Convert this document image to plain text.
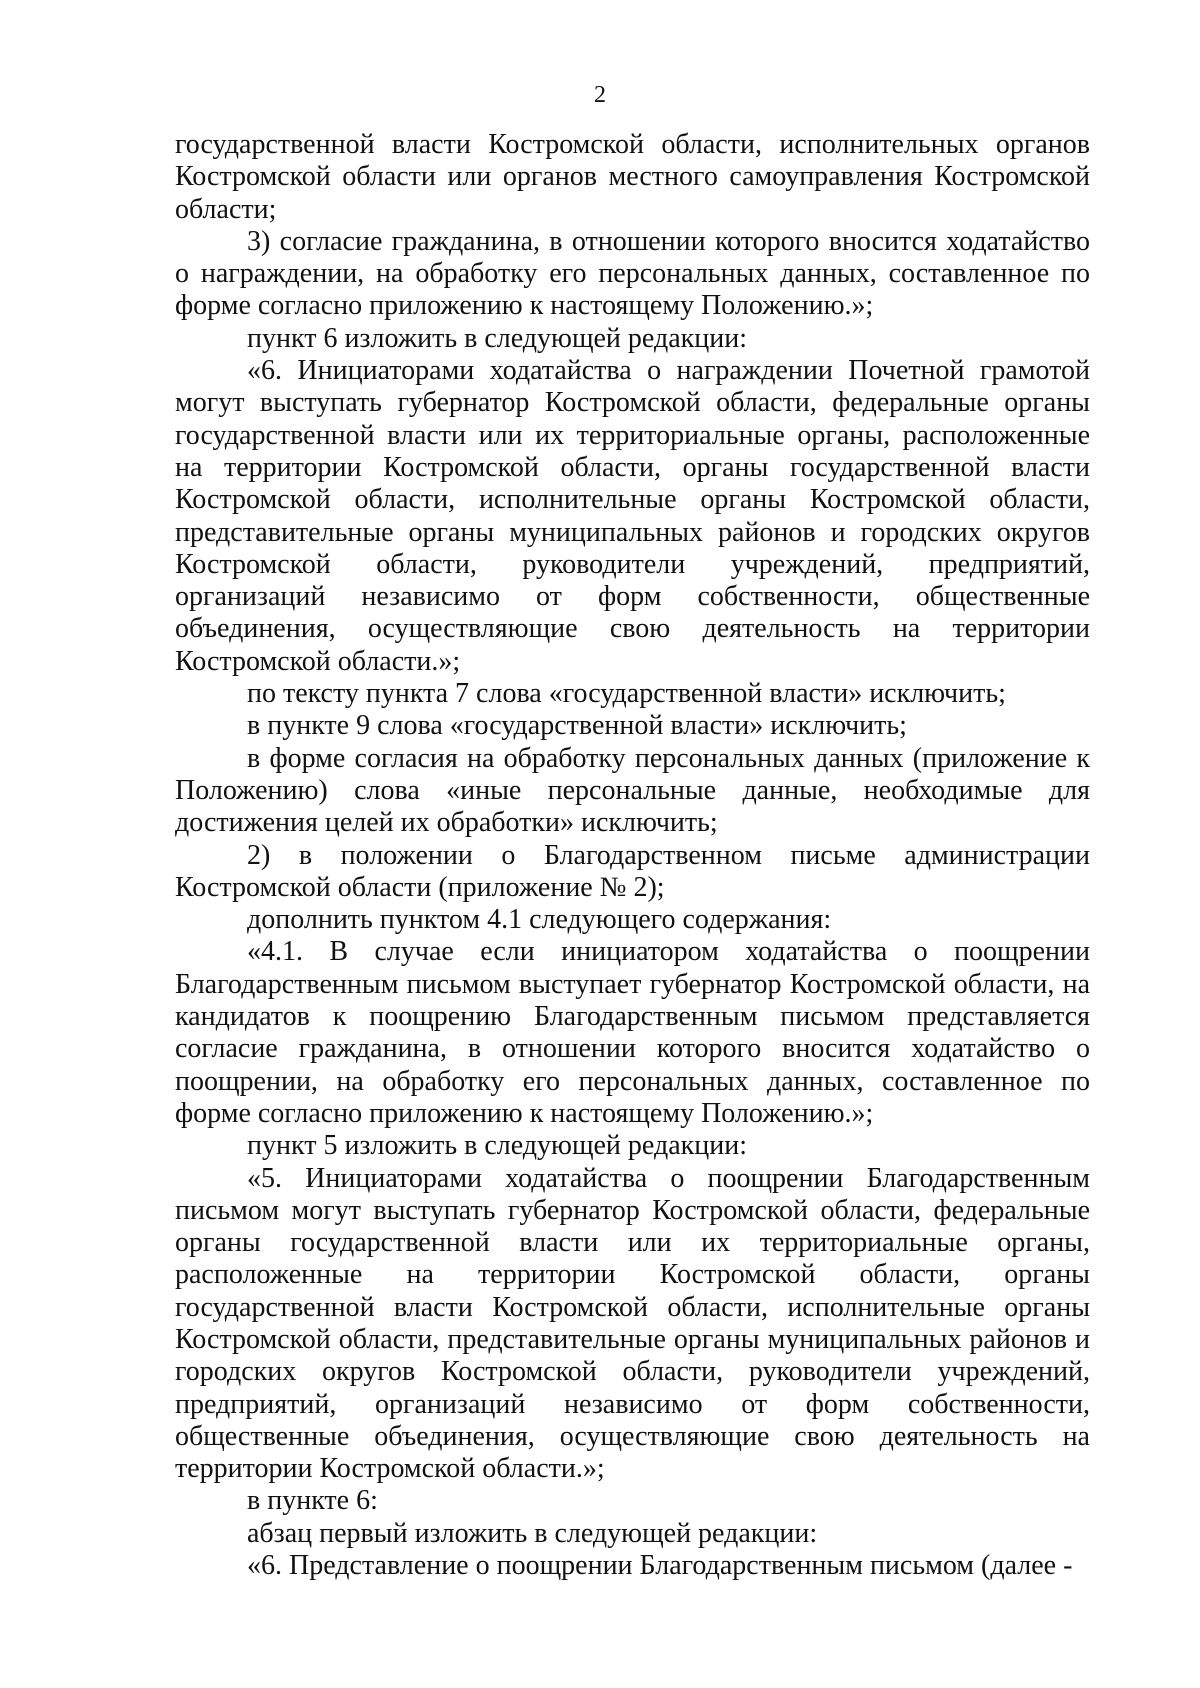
2

государственной власти Костромской области, исполнительных органов Костромской области или органов местного самоуправления Костромской области;

3) согласие гражданина, в отношении которого вносится ходатайство о награждении, на обработку его персональных данных, составленное по форме согласно приложению к настоящему Положению.»;

пункт 6 изложить в следующей редакции:

«6. Инициаторами ходатайства о награждении Почетной грамотой могут выступать губернатор Костромской области, федеральные органы государственной власти или их территориальные органы, расположенные на территории Костромской области, органы государственной власти Костромской области, исполнительные органы Костромской области, представительные органы муниципальных районов и городских округов Костромской области, руководители учреждений, предприятий, организаций независимо от форм собственности, общественные объединения, осуществляющие свою деятельность на территории Костромской области.»;

по тексту пункта 7 слова «государственной власти» исключить;

в пункте 9 слова «государственной власти» исключить;

в форме согласия на обработку персональных данных (приложение к Положению) слова «иные персональные данные, необходимые для достижения целей их обработки» исключить;

2) в положении о Благодарственном письме администрации Костромской области (приложение № 2);

дополнить пунктом 4.1 следующего содержания:

«4.1. В случае если инициатором ходатайства о поощрении Благодарственным письмом выступает губернатор Костромской области, на кандидатов к поощрению Благодарственным письмом представляется согласие гражданина, в отношении которого вносится ходатайство о поощрении, на обработку его персональных данных, составленное по форме согласно приложению к настоящему Положению.»;

пункт 5 изложить в следующей редакции:

«5. Инициаторами ходатайства о поощрении Благодарственным письмом могут выступать губернатор Костромской области, федеральные органы государственной власти или их территориальные органы, расположенные на территории Костромской области, органы государственной власти Костромской области, исполнительные органы Костромской области, представительные органы муниципальных районов и городских округов Костромской области, руководители учреждений, предприятий, организаций независимо от форм собственности, общественные объединения, осуществляющие свою деятельность на территории Костромской области.»;

в пункте 6:

абзац первый изложить в следующей редакции:

«6. Представление о поощрении Благодарственным письмом (далее -
